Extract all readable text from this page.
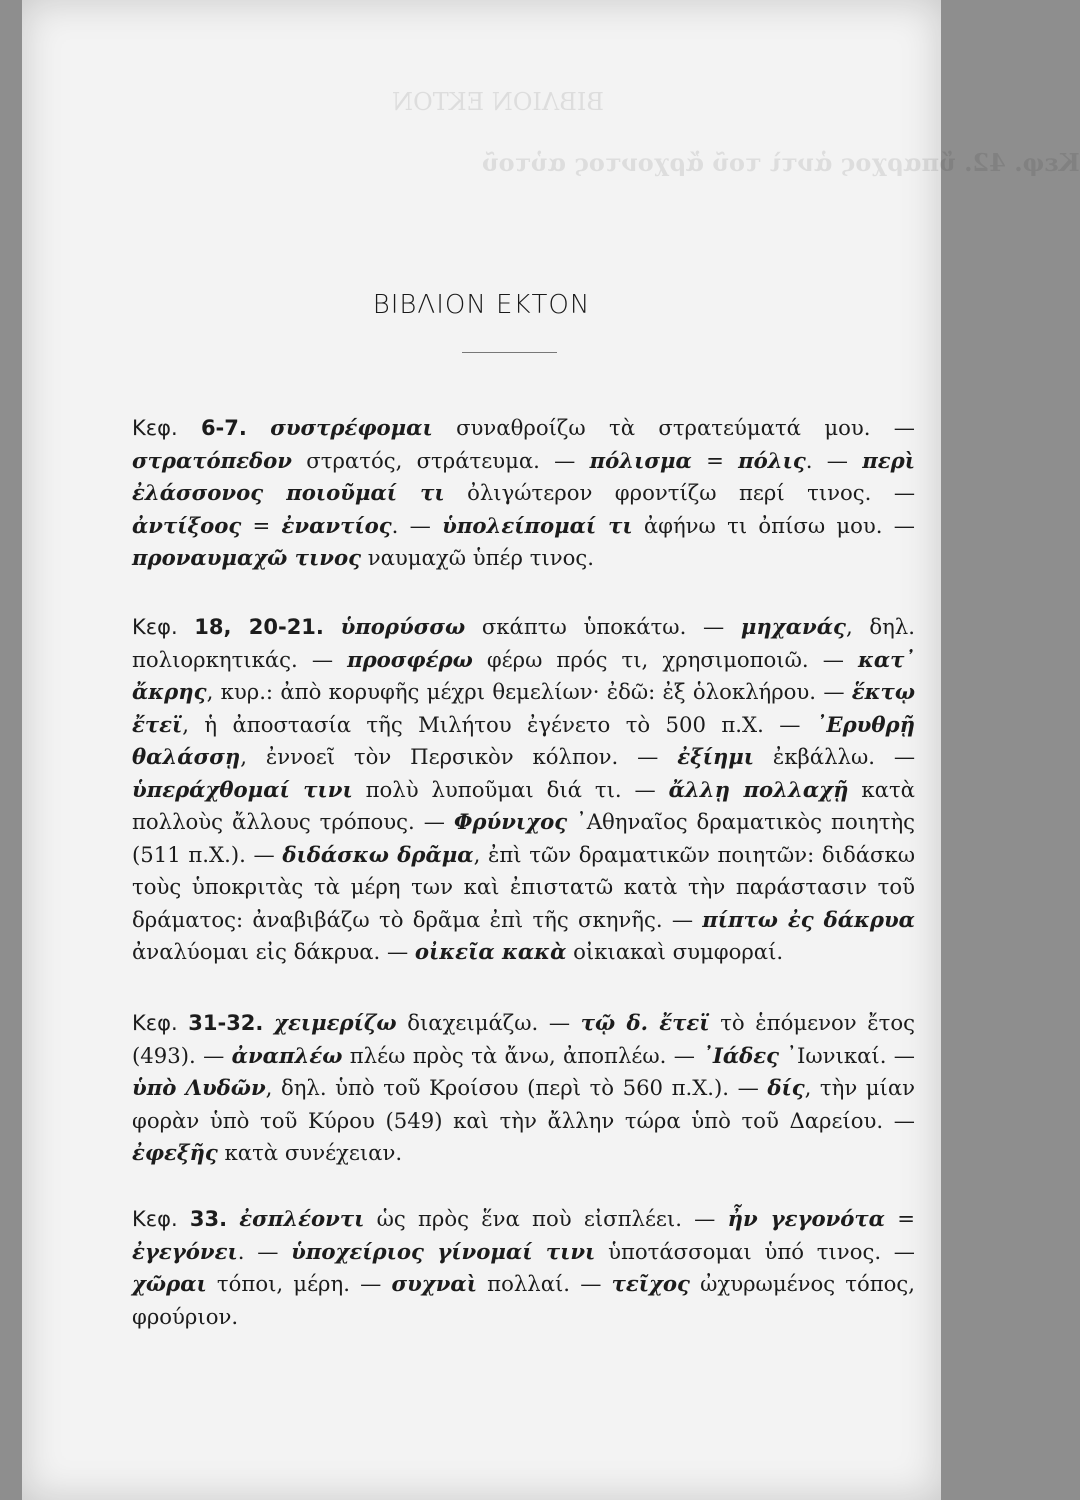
ΒΙΒΛΙΟΝ ΕΚΤΟΝ
Κεφ. 42. ὕπαρχος ἀντὶ τοῦ ἄρχοντος αὐτοῦ
ΒΙΒΛΙΟΝ ΕΚΤΟΝ
Κεφ. 6-7. συστρέφομαι συναθροίζω τὰ στρατεύματά μου. — στρατόπεδον στρατός, στράτευμα. — πόλισμα = πόλις. — περὶ ἐλάσσονος ποιοῦμαί τι ὀλιγώτερον φροντίζω περί τινος. — ἀντίξοος = ἐναντίος. — ὑπολείπομαί τι ἀφήνω τι ὀπίσω μου. — προναυμαχῶ τινος ναυμαχῶ ὑπέρ τινος.
Κεφ. 18, 20-21. ὑπορύσσω σκάπτω ὑποκάτω. — μηχανάς, δηλ. πολιορκητικάς. — προσφέρω φέρω πρός τι, χρησιμοποιῶ. — κατ᾽ ἄκρης, κυρ.: ἀπὸ κορυφῆς μέχρι θεμελίων· ἐδῶ: ἐξ ὁλοκλήρου. — ἕκτῳ ἔτεϊ, ἡ ἀποστασία τῆς Μιλήτου ἐγένετο τὸ 500 π.Χ. — ᾽Ερυθρῇ θαλάσσῃ, ἐννοεῖ τὸν Περσικὸν κόλπον. — ἐξίημι ἐκβάλλω. — ὑπεράχθομαί τινι πολὺ λυποῦμαι διά τι. — ἄλλῃ πολλαχῇ κατὰ πολλοὺς ἄλλους τρόπους. — Φρύνιχος ᾽Αθηναῖος δραματικὸς ποιητὴς (511 π.Χ.). — διδάσκω δρᾶμα, ἐπὶ τῶν δραματικῶν ποιητῶν: διδάσκω τοὺς ὑποκριτὰς τὰ μέρη των καὶ ἐπιστατῶ κατὰ τὴν παράστασιν τοῦ δράματος: ἀναβιβάζω τὸ δρᾶμα ἐπὶ τῆς σκηνῆς. — πίπτω ἐς δάκρυα ἀναλύομαι εἰς δάκρυα. — οἰκεῖα κακὰ οἰκιακαὶ συμφοραί.
Κεφ. 31-32. χειμερίζω διαχειμάζω. — τῷ δ. ἔτεϊ τὸ ἑπόμενον ἔτος (493). — ἀναπλέω πλέω πρὸς τὰ ἄνω, ἀποπλέω. — ᾽Ιάδες ᾽Ιωνικαί. — ὑπὸ Λυδῶν, δηλ. ὑπὸ τοῦ Κροίσου (περὶ τὸ 560 π.Χ.). — δίς, τὴν μίαν φορὰν ὑπὸ τοῦ Κύρου (549) καὶ τὴν ἄλλην τώρα ὑπὸ τοῦ Δαρείου. — ἐφεξῆς κατὰ συνέχειαν.
Κεφ. 33. ἐσπλέοντι ὡς πρὸς ἕνα ποὺ εἰσπλέει. — ἦν γεγονότα = ἐγεγόνει. — ὑποχείριος γίνομαί τινι ὑποτάσσομαι ὑπό τινος. — χῶραι τόποι, μέρη. — συχναὶ πολλαί. — τεῖχος ὠχυρωμένος τόπος, φρούριον.
